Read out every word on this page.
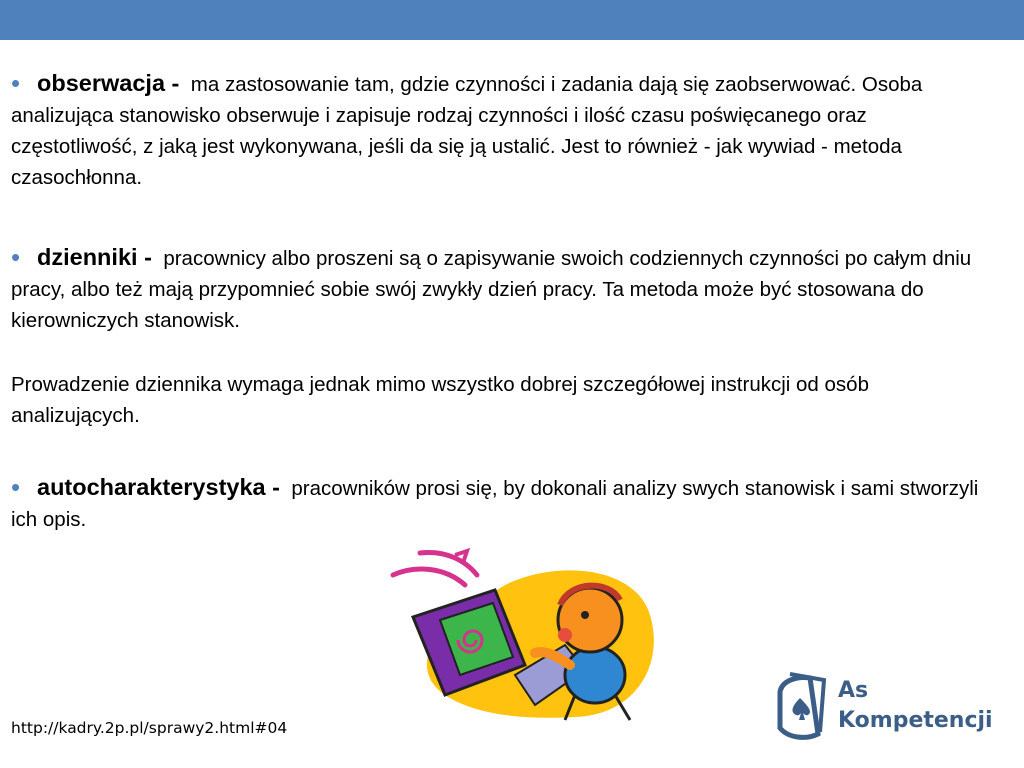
• obserwacja - ma zastosowanie tam, gdzie czynności i zadania dają się zaobserwować. Osoba analizująca stanowisko obserwuje i zapisuje rodzaj czynności i ilość czasu poświęcanego oraz częstotliwość, z jaką jest wykonywana, jeśli da się ją ustalić. Jest to również - jak wywiad - metoda czasochłonna.

• dzienniki - pracownicy albo proszeni są o zapisywanie swoich codziennych czynności po całym dniu pracy, albo też mają przypomnieć sobie swój zwykły dzień pracy. Ta metoda może być stosowana do kierowniczych stanowisk.

Prowadzenie dziennika wymaga jednak mimo wszystko dobrej szczegółowej instrukcji od osób analizujących.

• autocharakterystyka - pracowników prosi się, by dokonali analizy swych stanowisk i sami stworzyli ich opis.

As
Kompetencji
http://kadry.2p.pl/sprawy2.html#04
